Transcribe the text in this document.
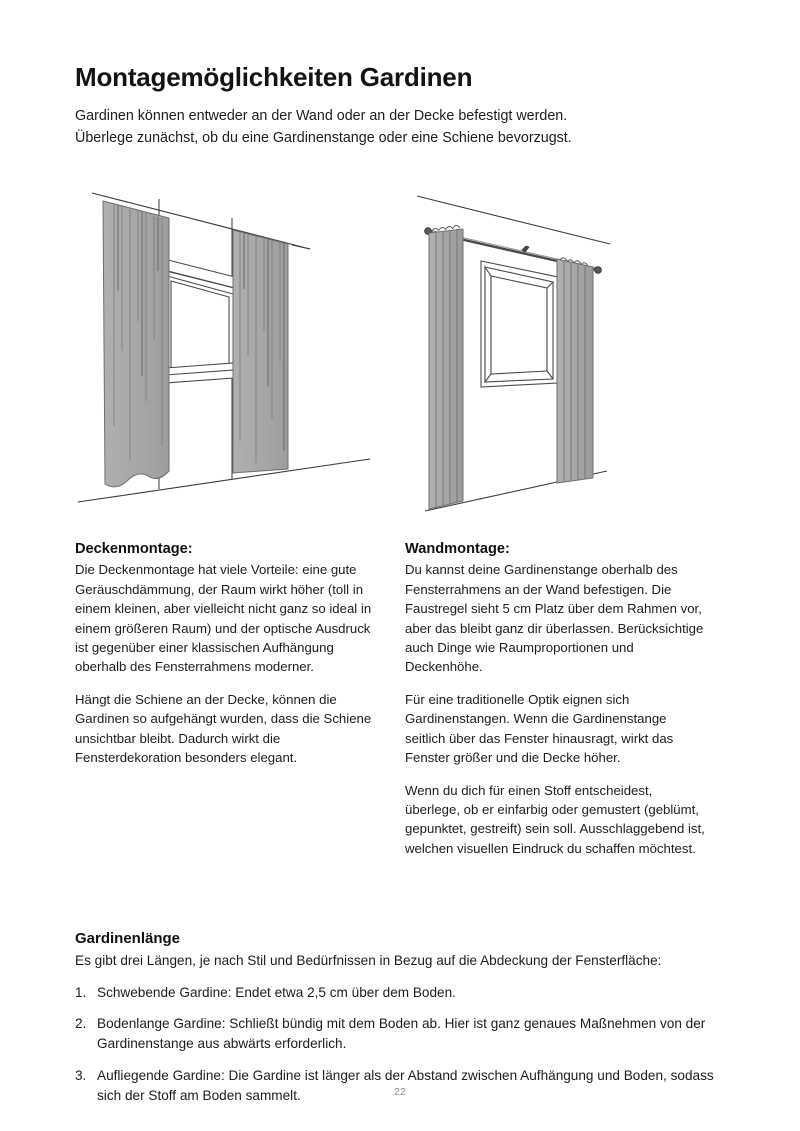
Montagemöglichkeiten Gardinen

Gardinen können entweder an der Wand oder an der Decke befestigt werden.
Überlege zunächst, ob du eine Gardinenstange oder eine Schiene bevorzugst.

Deckenmontage:

Die Deckenmontage hat viele Vorteile: eine gute Geräuschdämmung, der Raum wirkt höher (toll in einem kleinen, aber vielleicht nicht ganz so ideal in einem größeren Raum) und der optische Ausdruck ist gegenüber einer klassischen Aufhängung oberhalb des Fensterrahmens moderner.

Hängt die Schiene an der Decke, können die Gardinen so aufgehängt wurden, dass die Schiene unsichtbar bleibt. Dadurch wirkt die Fensterdekoration besonders elegant.

Wandmontage:

Du kannst deine Gardinenstange oberhalb des Fensterrahmens an der Wand befestigen. Die Faustregel sieht 5 cm Platz über dem Rahmen vor, aber das bleibt ganz dir überlassen. Berücksichtige auch Dinge wie Raumproportionen und Deckenhöhe.

Für eine traditionelle Optik eignen sich Gardinenstangen. Wenn die Gardinenstange seitlich über das Fenster hinausragt, wirkt das Fenster größer und die Decke höher.

Wenn du dich für einen Stoff entscheidest, überlege, ob er einfarbig oder gemustert (geblümt, gepunktet, gestreift) sein soll. Ausschlaggebend ist, welchen visuellen Eindruck du schaffen möchtest.

Gardinenlänge

Es gibt drei Längen, je nach Stil und Bedürfnissen in Bezug auf die Abdeckung der Fensterfläche:

1. Schwebende Gardine: Endet etwa 2,5 cm über dem Boden.
2. Bodenlange Gardine: Schließt bündig mit dem Boden ab. Hier ist ganz genaues Maßnehmen von der Gardinenstange aus abwärts erforderlich.
3. Aufliegende Gardine: Die Gardine ist länger als der Abstand zwischen Aufhängung und Boden, sodass sich der Stoff am Boden sammelt.	22
